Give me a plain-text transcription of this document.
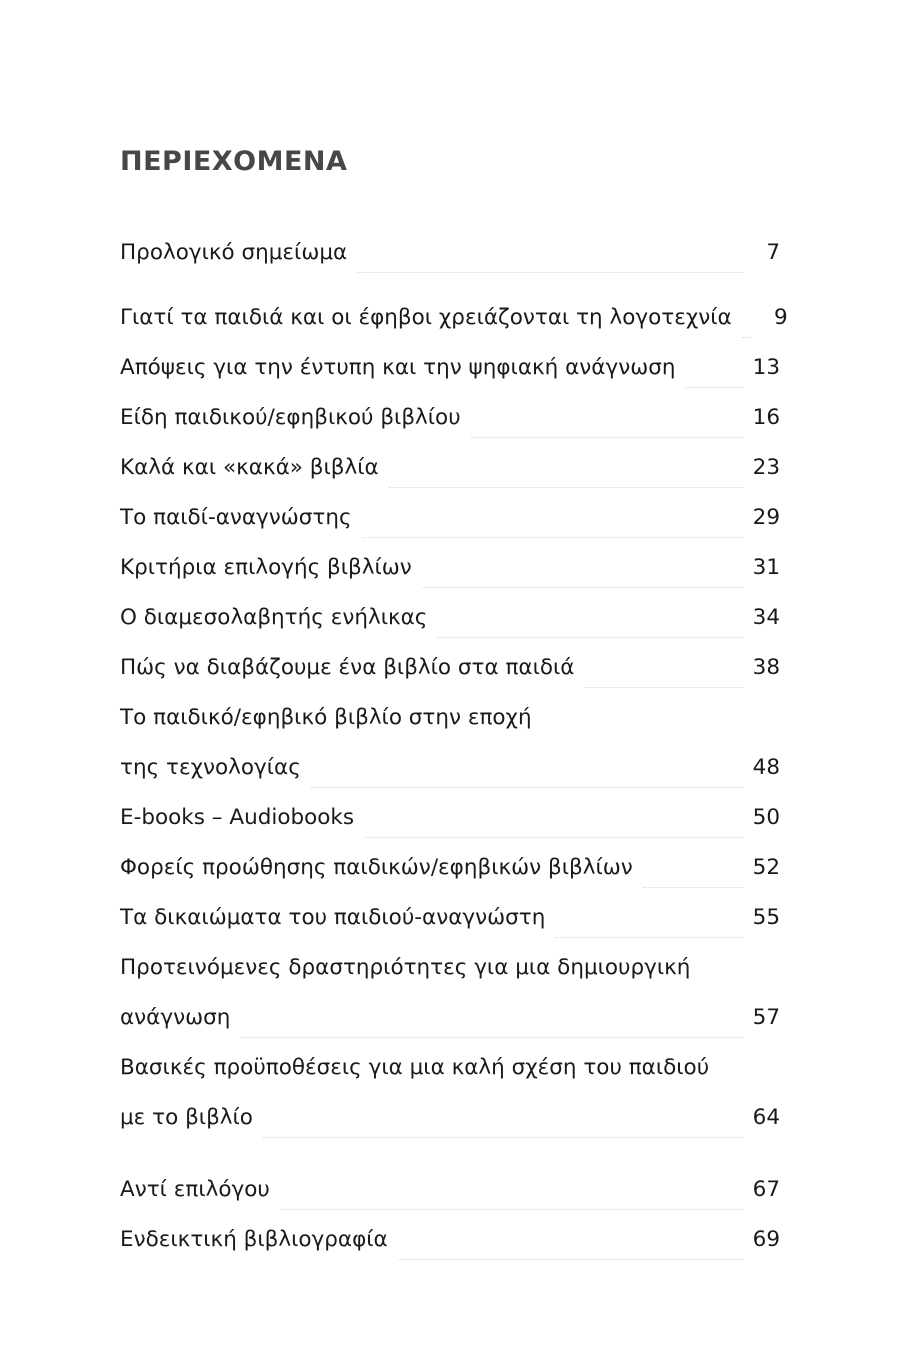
ΠΕΡΙΕΧΟΜΕΝΑ
Προλογικό σημείωμα	7
Γιατί τα παιδιά και οι έφηβοι χρειάζονται τη λογοτεχνία	9
Απόψεις για την έντυπη και την ψηφιακή ανάγνωση	13
Είδη παιδικού/εφηβικού βιβλίου	16
Καλά και «κακά» βιβλία	23
Το παιδί-αναγνώστης	29
Κριτήρια επιλογής βιβλίων	31
Ο διαμεσολαβητής ενήλικας	34
Πώς να διαβάζουμε ένα βιβλίο στα παιδιά	38
Το παιδικό/εφηβικό βιβλίο στην εποχή
της τεχνολογίας	48
E-books – Audiobooks	50
Φορείς προώθησης παιδικών/εφηβικών βιβλίων	52
Τα δικαιώματα του παιδιού-αναγνώστη	55
Προτεινόμενες δραστηριότητες για μια δημιουργική
ανάγνωση	57
Βασικές προϋποθέσεις για μια καλή σχέση του παιδιού
με το βιβλίο	64
Αντί επιλόγου	67
Ενδεικτική βιβλιογραφία	69
